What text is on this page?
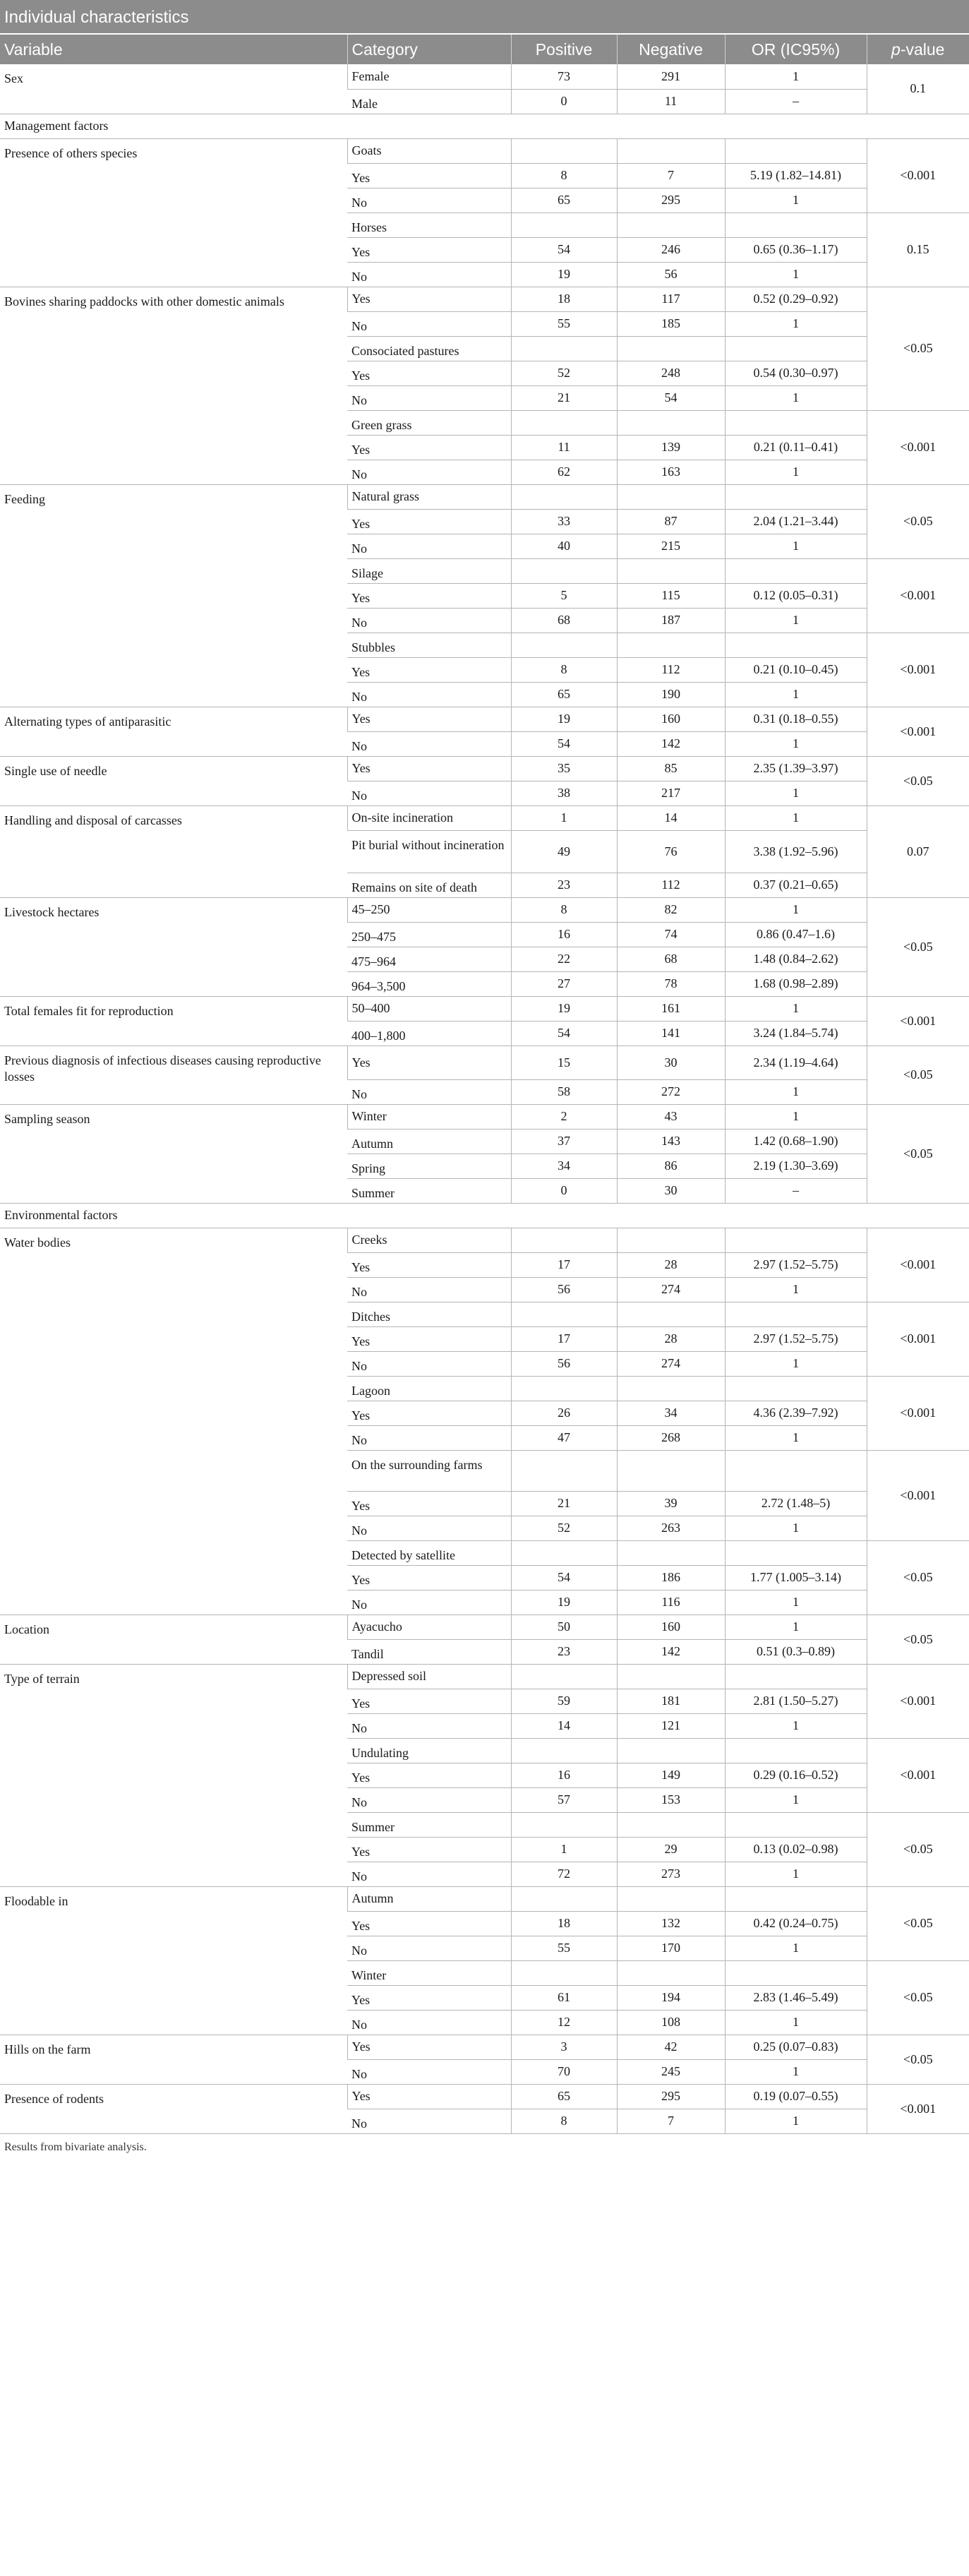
Individual characteristics
Variable	Category	Positive	Negative	OR (IC95%)	p-value
Sex	Female	73	291	1	0.1
	Male	0	11	–	
Management factors					
Presence of others species	Goats				<0.001
	Yes	8	7	5.19 (1.82–14.81)	
	No	65	295	1	
	Horses				0.15
	Yes	54	246	0.65 (0.36–1.17)	
	No	19	56	1	
Bovines sharing paddocks with other domestic animals	Yes	18	117	0.52 (0.29–0.92)	<0.05
	No	55	185	1	
	Consociated pastures				
	Yes	52	248	0.54 (0.30–0.97)	
	No	21	54	1	
	Green grass				<0.001
	Yes	11	139	0.21 (0.11–0.41)	
	No	62	163	1	
Feeding	Natural grass				<0.05
	Yes	33	87	2.04 (1.21–3.44)	
	No	40	215	1	
	Silage				<0.001
	Yes	5	115	0.12 (0.05–0.31)	
	No	68	187	1	
	Stubbles				<0.001
	Yes	8	112	0.21 (0.10–0.45)	
	No	65	190	1	
Alternating types of antiparasitic	Yes	19	160	0.31 (0.18–0.55)	<0.001
	No	54	142	1	
Single use of needle	Yes	35	85	2.35 (1.39–3.97)	<0.05
	No	38	217	1	
Handling and disposal of carcasses	On-site incineration	1	14	1	0.07
	Pit burial without incineration	49	76	3.38 (1.92–5.96)	
	Remains on site of death	23	112	0.37 (0.21–0.65)	
Livestock hectares	45–250	8	82	1	<0.05
	250–475	16	74	0.86 (0.47–1.6)	
	475–964	22	68	1.48 (0.84–2.62)	
	964–3,500	27	78	1.68 (0.98–2.89)	
Total females fit for reproduction	50–400	19	161	1	<0.001
	400–1,800	54	141	3.24 (1.84–5.74)	
Previous diagnosis of infectious diseases causing reproductive losses	Yes	15	30	2.34 (1.19–4.64)	<0.05
	No	58	272	1	
Sampling season	Winter	2	43	1	<0.05
	Autumn	37	143	1.42 (0.68–1.90)	
	Spring	34	86	2.19 (1.30–3.69)	
	Summer	0	30	–	
Environmental factors					
Water bodies	Creeks				<0.001
	Yes	17	28	2.97 (1.52–5.75)	
	No	56	274	1	
	Ditches				<0.001
	Yes	17	28	2.97 (1.52–5.75)	
	No	56	274	1	
	Lagoon				<0.001
	Yes	26	34	4.36 (2.39–7.92)	
	No	47	268	1	
	On the surrounding farms				<0.001
	Yes	21	39	2.72 (1.48–5)	
	No	52	263	1	
	Detected by satellite				<0.05
	Yes	54	186	1.77 (1.005–3.14)	
	No	19	116	1	
Location	Ayacucho	50	160	1	<0.05
	Tandil	23	142	0.51 (0.3–0.89)	
Type of terrain	Depressed soil				<0.001
	Yes	59	181	2.81 (1.50–5.27)	
	No	14	121	1	
	Undulating				<0.001
	Yes	16	149	0.29 (0.16–0.52)	
	No	57	153	1	
	Summer				<0.05
	Yes	1	29	0.13 (0.02–0.98)	
	No	72	273	1	
Floodable in	Autumn				<0.05
	Yes	18	132	0.42 (0.24–0.75)	
	No	55	170	1	
	Winter				<0.05
	Yes	61	194	2.83 (1.46–5.49)	
	No	12	108	1	
Hills on the farm	Yes	3	42	0.25 (0.07–0.83)	<0.05
	No	70	245	1	
Presence of rodents	Yes	65	295	0.19 (0.07–0.55)	<0.001
	No	8	7	1	
Results from bivariate analysis.
